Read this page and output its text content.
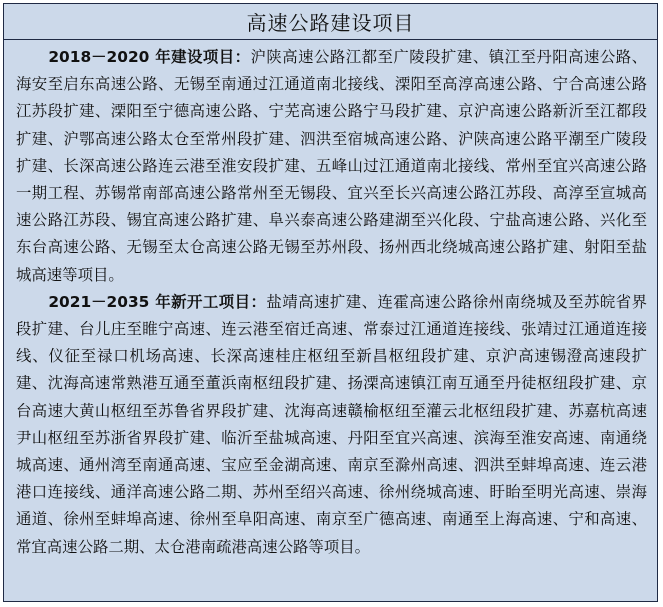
高速公路建设项目

2018－2020 年建设项目：沪陕高速公路江都至广陵段扩建、镇江至丹阳高速公路、海安至启东高速公路、无锡至南通过江通道南北接线、溧阳至高淳高速公路、宁合高速公路江苏段扩建、溧阳至宁德高速公路、宁芜高速公路宁马段扩建、京沪高速公路新沂至江都段扩建、沪鄂高速公路太仓至常州段扩建、泗洪至宿城高速公路、沪陕高速公路平潮至广陵段扩建、长深高速公路连云港至淮安段扩建、五峰山过江通道南北接线、常州至宜兴高速公路一期工程、苏锡常南部高速公路常州至无锡段、宜兴至长兴高速公路江苏段、高淳至宣城高速公路江苏段、锡宜高速公路扩建、阜兴泰高速公路建湖至兴化段、宁盐高速公路、兴化至东台高速公路、无锡至太仓高速公路无锡至苏州段、扬州西北绕城高速公路扩建、射阳至盐城高速等项目。

2021－2035 年新开工项目：盐靖高速扩建、连霍高速公路徐州南绕城及至苏皖省界段扩建、台儿庄至睢宁高速、连云港至宿迁高速、常泰过江通道连接线、张靖过江通道连接线、仪征至禄口机场高速、长深高速桂庄枢纽至新昌枢纽段扩建、京沪高速锡澄高速段扩建、沈海高速常熟港互通至董浜南枢纽段扩建、扬溧高速镇江南互通至丹徒枢纽段扩建、京台高速大黄山枢纽至苏鲁省界段扩建、沈海高速赣榆枢纽至灌云北枢纽段扩建、苏嘉杭高速尹山枢纽至苏浙省界段扩建、临沂至盐城高速、丹阳至宜兴高速、滨海至淮安高速、南通绕城高速、通州湾至南通高速、宝应至金湖高速、南京至滁州高速、泗洪至蚌埠高速、连云港港口连接线、通洋高速公路二期、苏州至绍兴高速、徐州绕城高速、盱眙至明光高速、崇海通道、徐州至蚌埠高速、徐州至阜阳高速、南京至广德高速、南通至上海高速、宁和高速、常宜高速公路二期、太仓港南疏港高速公路等项目。
